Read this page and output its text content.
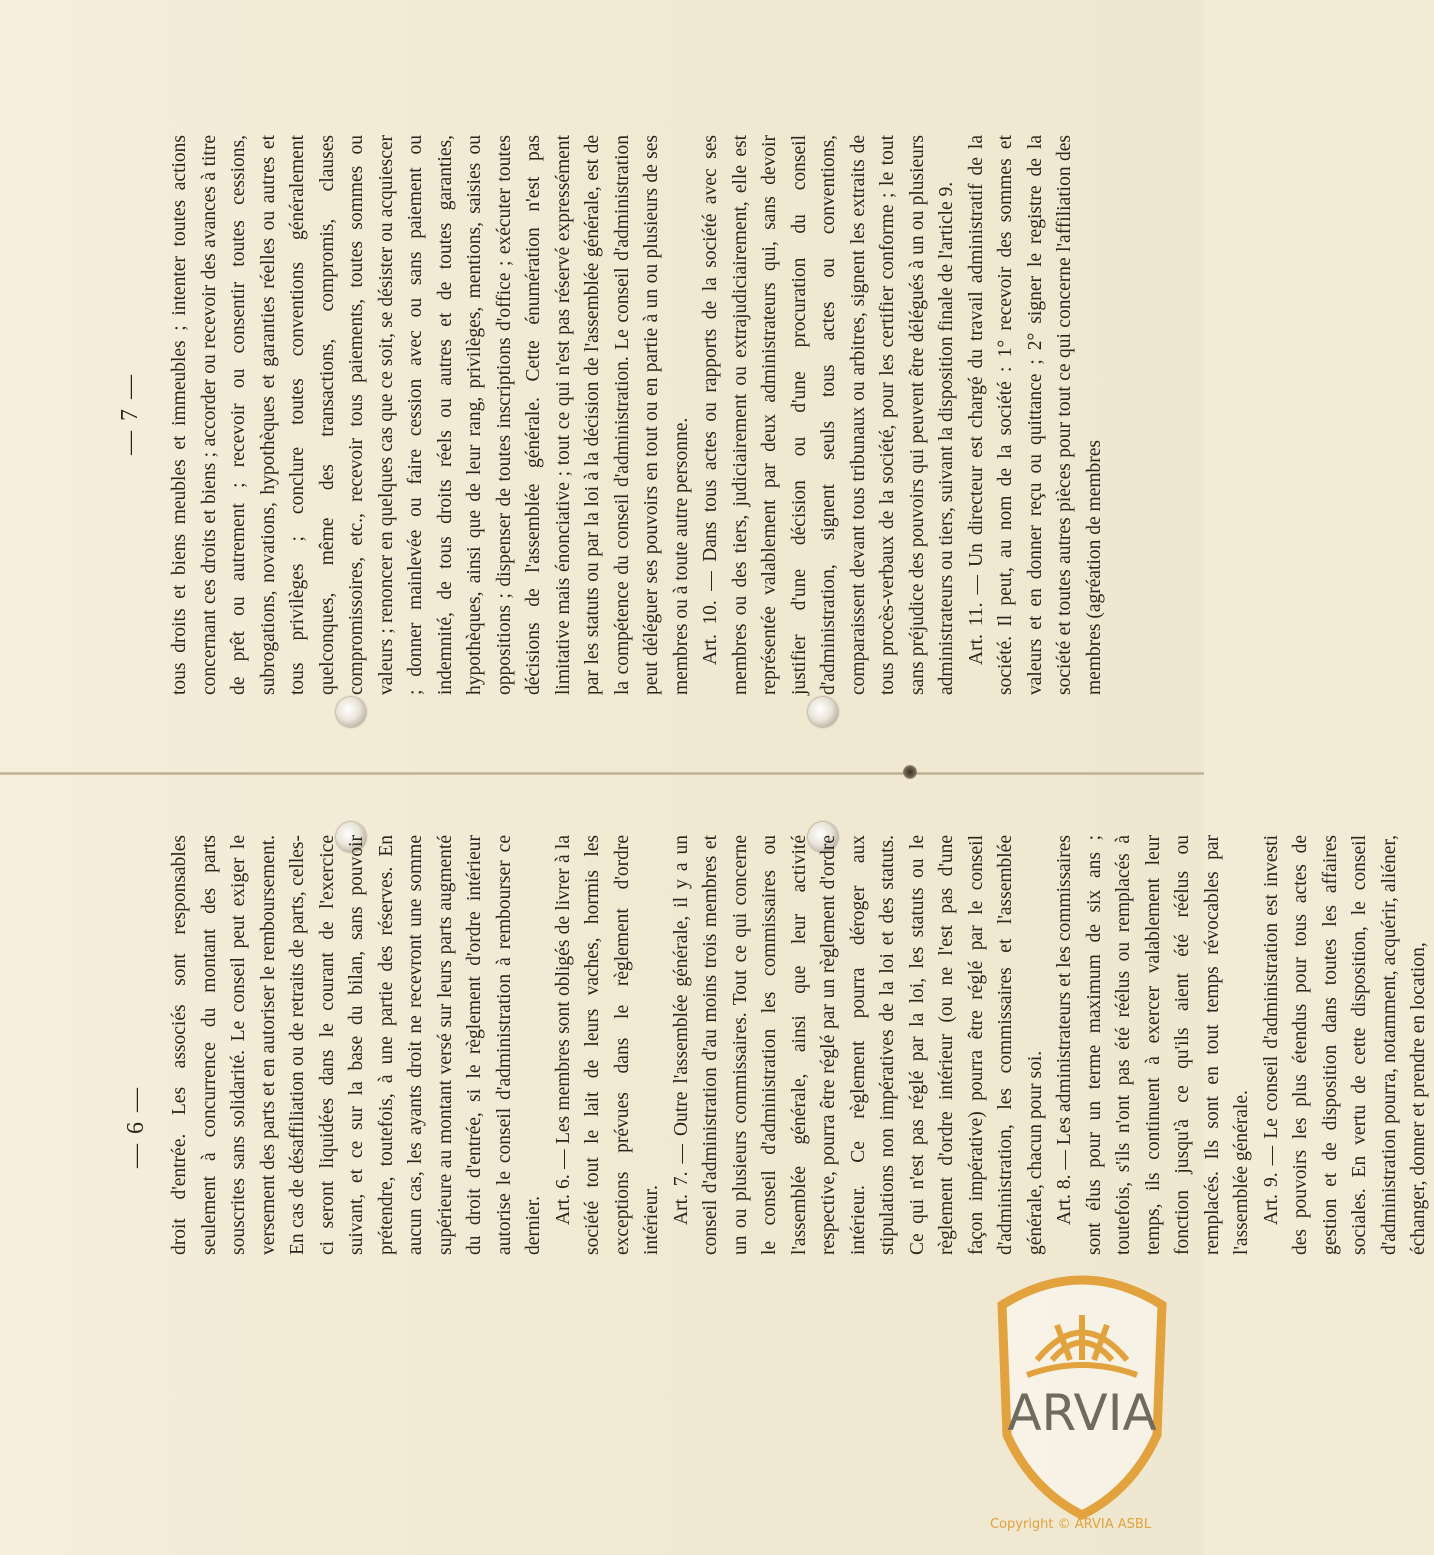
— 7 —
— 6 —

tous droits et biens meubles et immeubles ; intenter toutes actions concernant ces droits et biens ; accorder ou recevoir des avances à titre de prêt ou autrement ; recevoir ou consentir toutes cessions, subrogations, novations, hypothèques et garanties réelles ou autres et tous privilèges ; conclure toutes conventions généralement quelconques, même des transactions, compromis, clauses compromissoires, etc., recevoir tous paiements, toutes sommes ou valeurs ; renoncer en quelques cas que ce soit, se désister ou acquiescer ; donner mainlevée ou faire cession avec ou sans paiement ou indemnité, de tous droits réels ou autres et de toutes garanties, hypothèques, ainsi que de leur rang, privilèges, mentions, saisies ou oppositions ; dispenser de toutes inscriptions d'office ; exécuter toutes décisions de l'assemblée générale. Cette énumération n'est pas limitative mais énonciative ; tout ce qui n'est pas réservé expressément par les statuts ou par la loi à la décision de l'assemblée générale, est de la compétence du conseil d'administration. Le conseil d'administration peut déléguer ses pouvoirs en tout ou en partie à un ou plusieurs de ses membres ou à toute autre personne. Art. 10. — Dans tous actes ou rapports de la société avec ses membres ou des tiers, judiciairement ou extrajudiciairement, elle est représentée valablement par deux administrateurs qui, sans devoir justifier d'une décision ou d'une procuration du conseil d'administration, signent seuls tous actes ou conventions, comparaissent devant tous tribunaux ou arbitres, signent les extraits de tous procès-verbaux de la société, pour les certifier conforme ; le tout sans préjudice des pouvoirs qui peuvent être délégués à un ou plusieurs administrateurs ou tiers, suivant la disposition finale de l'article 9. Art. 11. — Un directeur est chargé du travail administratif de la société. Il peut, au nom de la société : 1° recevoir des sommes et valeurs et en donner reçu ou quittance ; 2° signer le registre de la société et toutes autres pièces pour tout ce qui concerne l'affiliation des membres (agréation de membres

droit d'entrée. Les associés sont responsables seulement à concurrence du montant des parts souscrites sans solidarité. Le conseil peut exiger le versement des parts et en autoriser le remboursement. En cas de désaffiliation ou de retraits de parts, celles-ci seront liquidées dans le courant de l'exercice suivant, et ce sur la base du bilan, sans pouvoir prétendre, toutefois, à une partie des réserves. En aucun cas, les ayants droit ne recevront une somme supérieure au montant versé sur leurs parts augmenté du droit d'entrée, si le règlement d'ordre intérieur autorise le conseil d'administration à rembourser ce dernier.

Art. 6. — Les membres sont obligés de livrer à la société tout le lait de leurs vaches, hormis les exceptions prévues dans le règlement d'ordre intérieur. Art. 7. — Outre l'assemblée générale, il y a un conseil d'administration d'au moins trois membres et un ou plusieurs commissaires. Tout ce qui concerne le conseil d'administration les commissaires ou l'assemblée générale, ainsi que leur activité respective, pourra être réglé par un règlement d'ordre intérieur. Ce règlement pourra déroger aux stipulations non impératives de la loi et des statuts. Ce qui n'est pas réglé par la loi, les statuts ou le règlement d'ordre intérieur (ou ne l'est pas d'une façon impérative) pourra être réglé par le conseil d'administration, les commissaires et l'assemblée générale, chacun pour soi. Art. 8. — Les administrateurs et les commissaires sont élus pour un terme maximum de six ans ; toutefois, s'ils n'ont pas été réélus ou remplacés à temps, ils continuent à exercer valablement leur fonction jusqu'à ce qu'ils aient été réélus ou remplacés. Ils sont en tout temps révocables par l'assemblée générale. Art. 9. — Le conseil d'administration est investi des pouvoirs les plus étendus pour tous actes de gestion et de disposition dans toutes les affaires sociales. En vertu de cette disposition, le conseil d'administration pourra, notamment, acquérir, aliéner, échanger, donner et prendre en location,

ARVIA
Copyright © ARVIA ASBL
